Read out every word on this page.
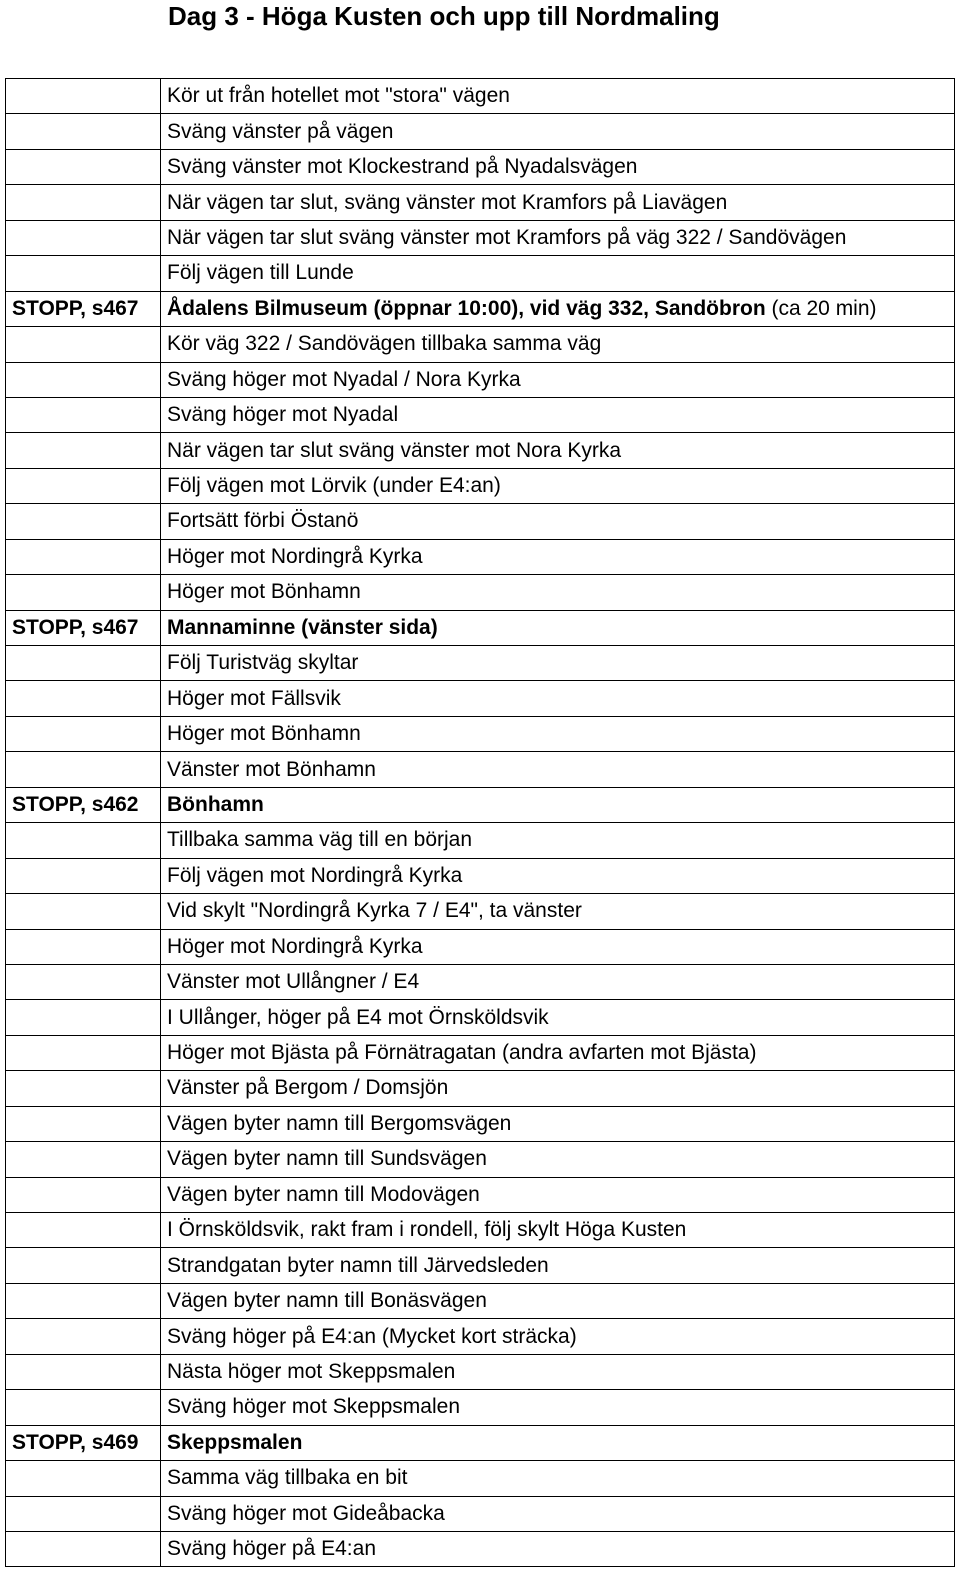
Dag 3 - Höga Kusten och upp till Nordmaling
	Kör ut från hotellet mot "stora" vägen
	Sväng vänster på vägen
	Sväng vänster mot Klockestrand på Nyadalsvägen
	När vägen tar slut, sväng vänster mot Kramfors på Liavägen
	När vägen tar slut sväng vänster mot Kramfors på väg 322 / Sandövägen
	Följ vägen till Lunde
STOPP, s467	Ådalens Bilmuseum (öppnar 10:00), vid väg 332, Sandöbron (ca 20 min)
	Kör väg 322 / Sandövägen tillbaka samma väg
	Sväng höger mot Nyadal / Nora Kyrka
	Sväng höger mot Nyadal
	När vägen tar slut sväng vänster mot Nora Kyrka
	Följ vägen mot Lörvik (under E4:an)
	Fortsätt förbi Östanö
	Höger mot Nordingrå Kyrka
	Höger mot Bönhamn
STOPP, s467	Mannaminne (vänster sida)
	Följ Turistväg skyltar
	Höger mot Fällsvik
	Höger mot Bönhamn
	Vänster mot Bönhamn
STOPP, s462	Bönhamn
	Tillbaka samma väg till en början
	Följ vägen mot Nordingrå Kyrka
	Vid skylt "Nordingrå Kyrka 7 / E4", ta vänster
	Höger mot Nordingrå Kyrka
	Vänster mot Ullångner / E4
	I Ullånger, höger på E4 mot Örnsköldsvik
	Höger mot Bjästa på Förnätragatan (andra avfarten mot Bjästa)
	Vänster på Bergom / Domsjön
	Vägen byter namn till Bergomsvägen
	Vägen byter namn till Sundsvägen
	Vägen byter namn till Modovägen
	I Örnsköldsvik, rakt fram i rondell, följ skylt Höga Kusten
	Strandgatan byter namn till Järvedsleden
	Vägen byter namn till Bonäsvägen
	Sväng höger på E4:an (Mycket kort sträcka)
	Nästa höger mot Skeppsmalen
	Sväng höger mot Skeppsmalen
STOPP, s469	Skeppsmalen
	Samma väg tillbaka en bit
	Sväng höger mot Gideåbacka
	Sväng höger på E4:an
